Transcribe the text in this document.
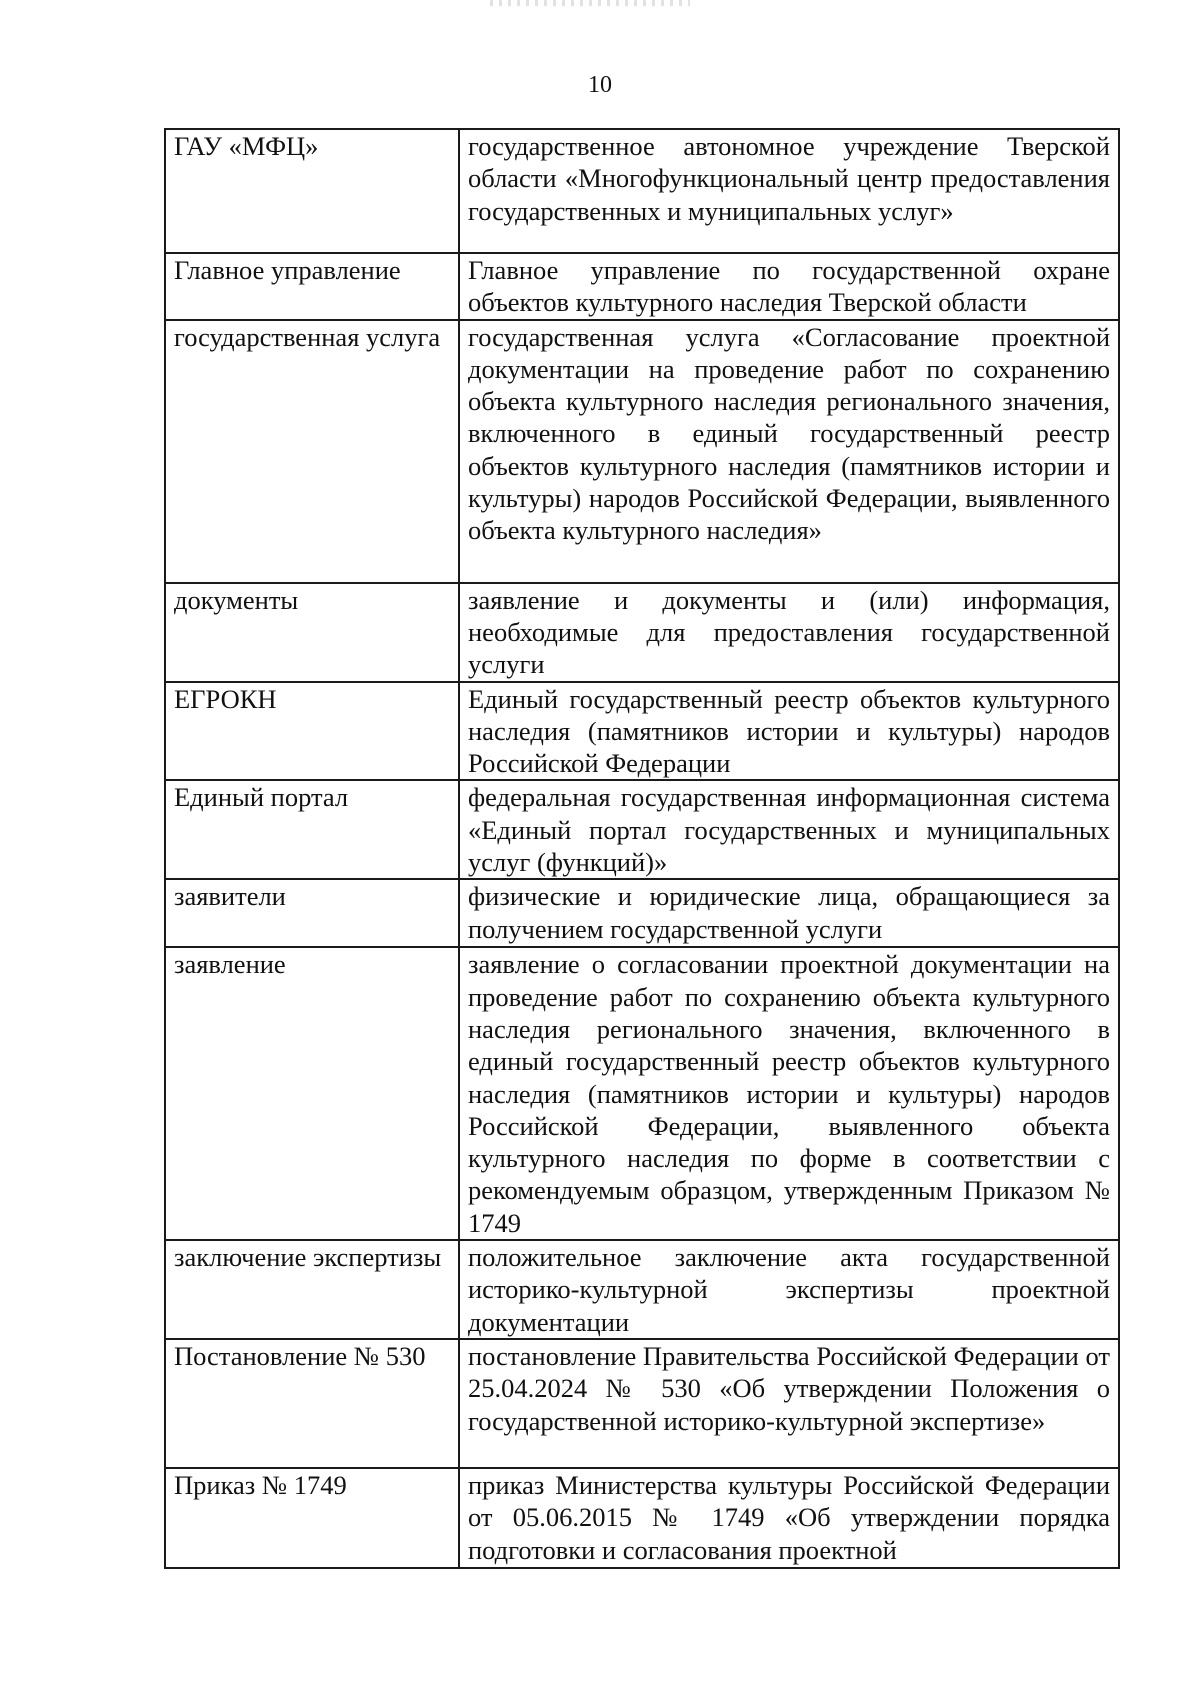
10
ГАУ «МФЦ»	государственное автономное учреждение Тверской области «Многофункциональный центр предоставления государственных и муниципальных услуг»
Главное управление	Главное управление по государственной охране объектов культурного наследия Тверской области
государственная услуга	государственная услуга «Согласование проектной документации на проведение работ по сохранению объекта культурного наследия регионального значения, включенного в единый государственный реестр объектов культурного наследия (памятников истории и культуры) народов Российской Федерации, выявленного объекта культурного наследия»
документы	заявление и документы и (или) информация, необходимые для предоставления государственной услуги
ЕГРОКН	Единый государственный реестр объектов культурного наследия (памятников истории и культуры) народов Российской Федерации
Единый портал	федеральная государственная информационная система «Единый портал государственных и муниципальных услуг (функций)»
заявители	физические и юридические лица, обращающиеся за получением государственной услуги
заявление	заявление о согласовании проектной документации на проведение работ по сохранению объекта культурного наследия регионального значения, включенного в единый государственный реестр объектов культурного наследия (памятников истории и культуры) народов Российской Федерации, выявленного объекта культурного наследия по форме в соответствии с рекомендуемым образцом, утвержденным Приказом № 1749
заключение экспертизы	положительное заключение акта государственной историко-культурной экспертизы проектной документации
Постановление № 530	постановление Правительства Российской Федерации от 25.04.2024 № 530 «Об утверждении Положения о государственной историко-культурной экспертизе»
Приказ № 1749	приказ Министерства культуры Российской Федерации от 05.06.2015 № 1749 «Об утверждении порядка подготовки и согласования проектной
